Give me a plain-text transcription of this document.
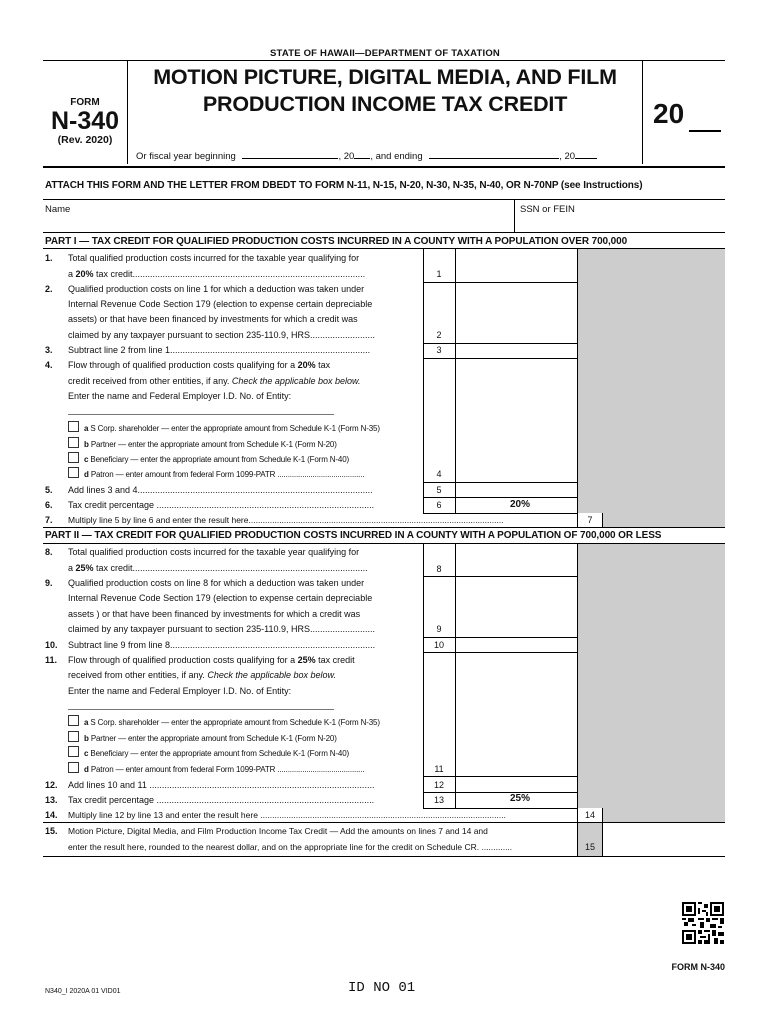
STATE OF HAWAII—DEPARTMENT OF TAXATION
FORM
N-340
(Rev. 2020)
MOTION PICTURE, DIGITAL MEDIA, AND FILM
PRODUCTION INCOME TAX CREDIT	20
Or fiscal year beginning	, 20 , and ending	, 20
ATTACH THIS FORM AND THE LETTER FROM DBEDT TO FORM N-11, N-15, N-20, N-30, N-35, N-40, OR N-70NP (see Instructions)
Name	SSN or FEIN
PART I — TAX CREDIT FOR QUALIFIED PRODUCTION COSTS INCURRED IN A COUNTY WITH A POPULATION OVER 700,000
1. Total qualified production costs incurred for the taxable year qualifying for
a 20% tax credit.............................................................................................	1
2. Qualified production costs on line 1 for which a deduction was taken under
Internal Revenue Code Section 179 (election to expense certain depreciable
assets) or that have been financed by investments for which a credit was
claimed by any taxpayer pursuant to section 235-110.9, HRS..........................	2
3. Subtract line 2 from line 1................................................................................	3
4. Flow through of qualified production costs qualifying for a 20% tax
credit received from other entities, if any. Check the applicable box below.
Enter the name and Federal Employer I.D. No. of Entity:
a S Corp. shareholder — enter the appropriate amount from Schedule K-1 (Form N-35)
b Partner — enter the appropriate amount from Schedule K-1 (Form N-20)
c Beneficiary — enter the appropriate amount from Schedule K-1 (Form N-40)
d Patron — enter amount from federal Form 1099-PATR ..........................................	4
5. Add lines 3 and 4..............................................................................................	5
6. Tax credit percentage .......................................................................................	6	20%
7. Multiply line 5 by line 6 and enter the result here............................................................................................................	7
PART II — TAX CREDIT FOR QUALIFIED PRODUCTION COSTS INCURRED IN A COUNTY WITH A POPULATION OF 700,000 OR LESS
8. Total qualified production costs incurred for the taxable year qualifying for
a 25% tax credit..............................................................................................	8
9. Qualified production costs on line 8 for which a deduction was taken under
Internal Revenue Code Section 179 (election to expense certain depreciable
assets ) or that have been financed by investments for which a credit was
claimed by any taxpayer pursuant to section 235-110.9, HRS..........................	9
10. Subtract line 9 from line 8..................................................................................	10
11. Flow through of qualified production costs qualifying for a 25% tax credit
received from other entities, if any. Check the applicable box below.
Enter the name and Federal Employer I.D. No. of Entity:
a S Corp. shareholder — enter the appropriate amount from Schedule K-1 (Form N-35)
b Partner — enter the appropriate amount from Schedule K-1 (Form N-20)
c Beneficiary — enter the appropriate amount from Schedule K-1 (Form N-40)
d Patron — enter amount from federal Form 1099-PATR ..........................................	11
12. Add lines 10 and 11 ..........................................................................................	12
13. Tax credit percentage .......................................................................................	13	25%
14. Multiply line 12 by line 13 and enter the result here ........................................................................................................	14
15. Motion Picture, Digital Media, and Film Production Income Tax Credit — Add the amounts on lines 7 and 14 and
enter the result here, rounded to the nearest dollar, and on the appropriate line for the credit on Schedule CR. .............	15
FORM N-340
ID NO 01
N340_I 2020A 01 VID01
